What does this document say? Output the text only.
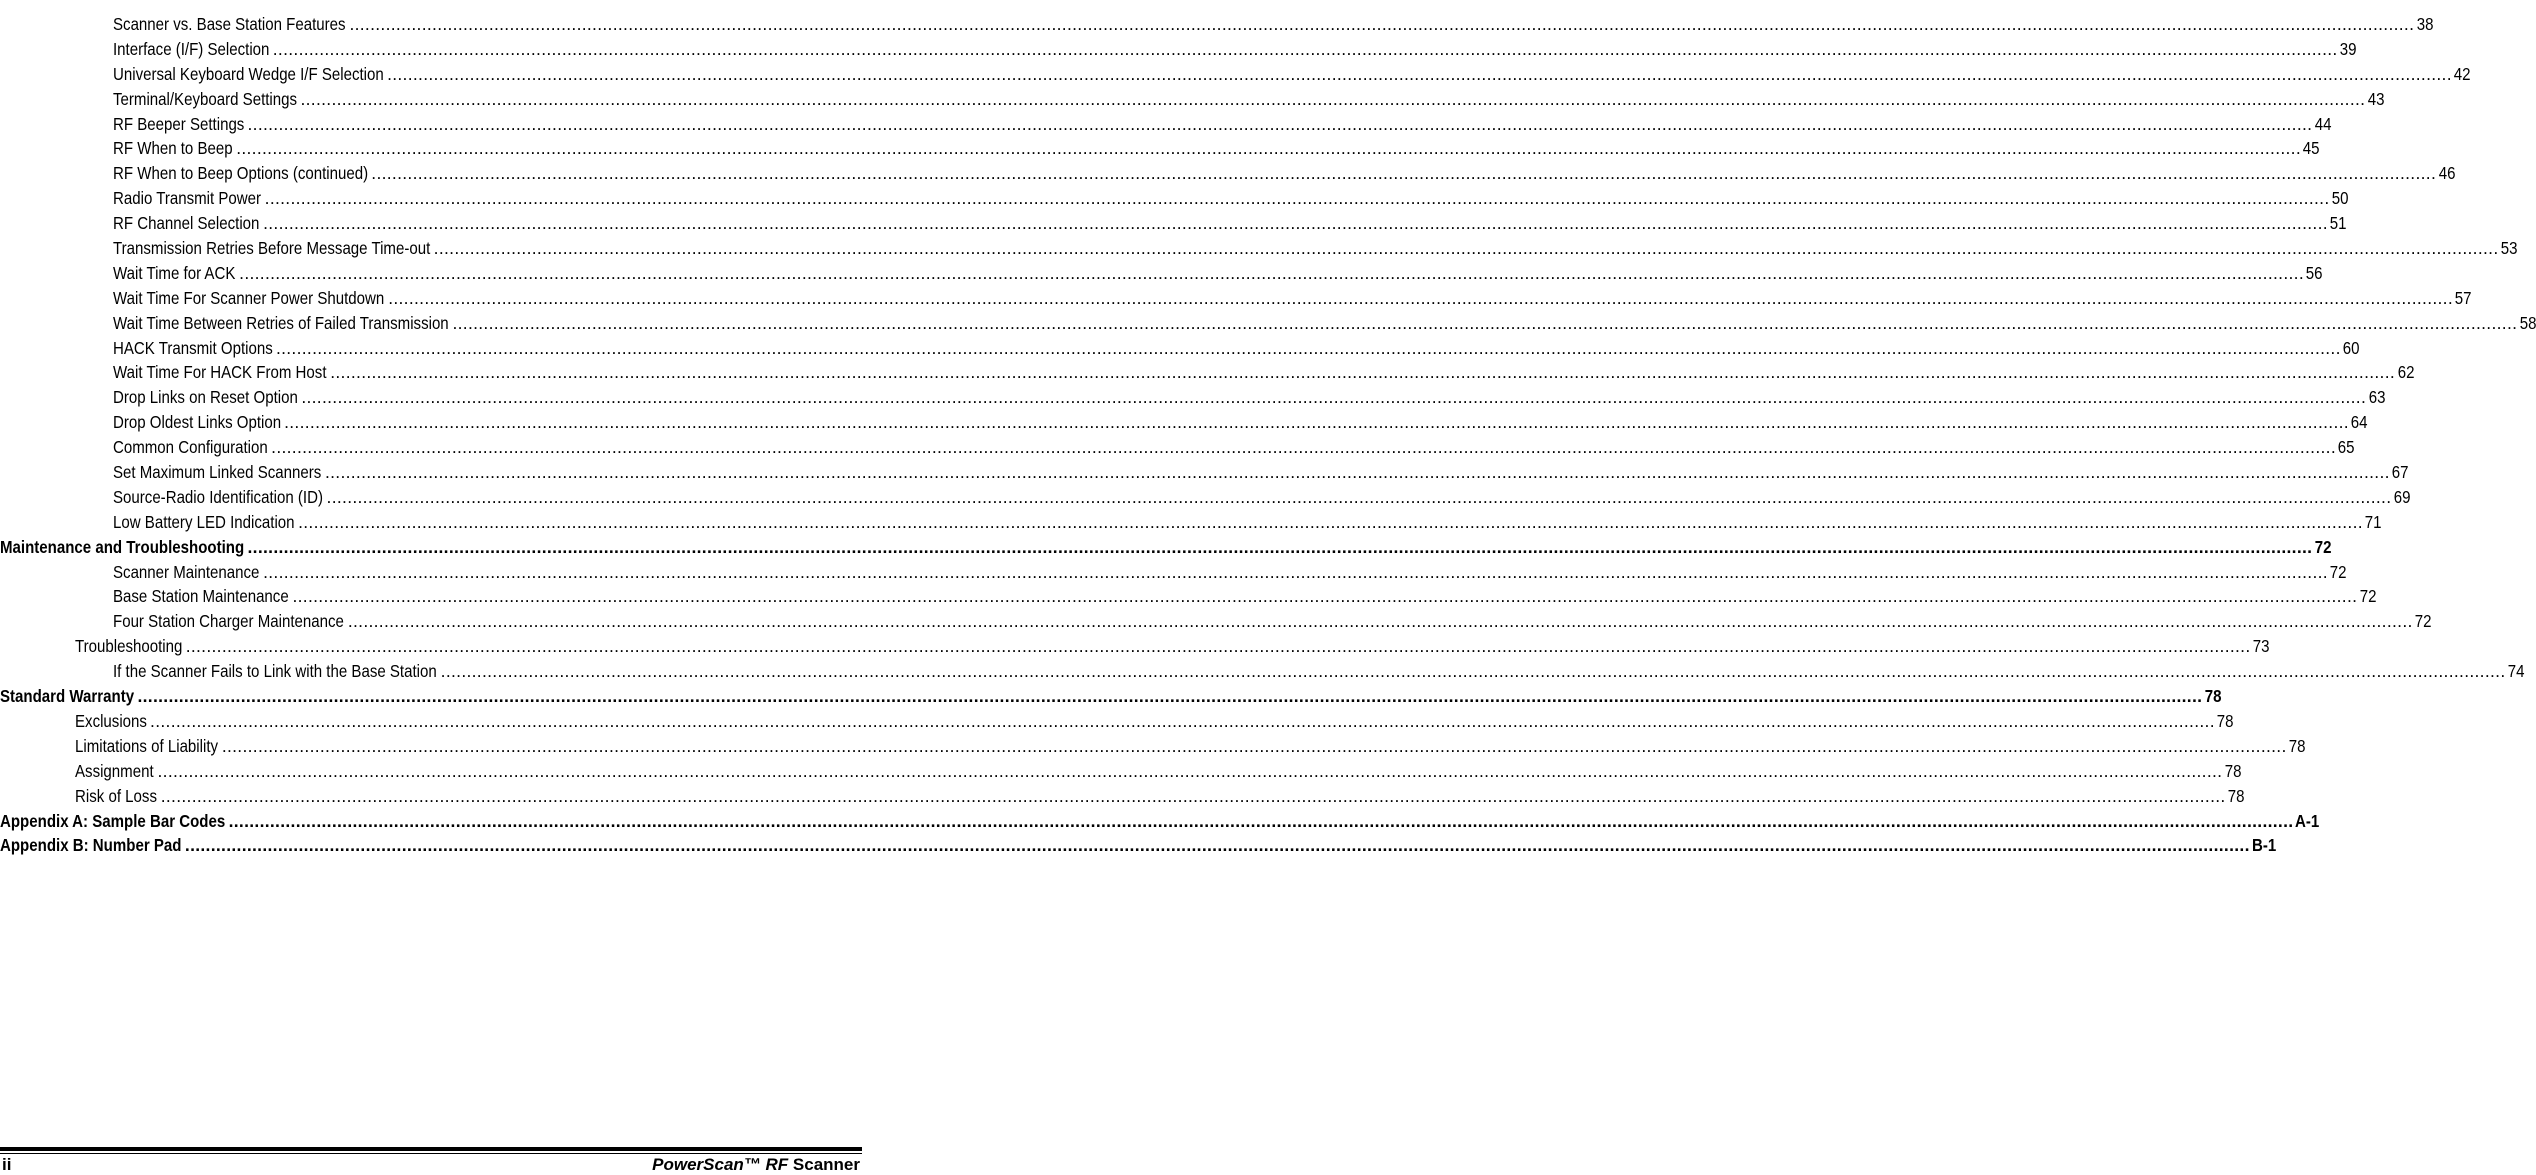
Scanner vs. Base Station Features ................................................................................................................................................................................................................................................................................................................................................................................................................ 38
Interface (I/F) Selection ................................................................................................................................................................................................................................................................................................................................................................................................................ 39
Universal Keyboard Wedge I/F Selection ................................................................................................................................................................................................................................................................................................................................................................................................................ 42
Terminal/Keyboard Settings ................................................................................................................................................................................................................................................................................................................................................................................................................ 43
RF Beeper Settings ................................................................................................................................................................................................................................................................................................................................................................................................................ 44
RF When to Beep ................................................................................................................................................................................................................................................................................................................................................................................................................ 45
RF When to Beep Options (continued) ................................................................................................................................................................................................................................................................................................................................................................................................................ 46
Radio Transmit Power ................................................................................................................................................................................................................................................................................................................................................................................................................ 50
RF Channel Selection ................................................................................................................................................................................................................................................................................................................................................................................................................ 51
Transmission Retries Before Message Time-out ................................................................................................................................................................................................................................................................................................................................................................................................................ 53
Wait Time for ACK ................................................................................................................................................................................................................................................................................................................................................................................................................ 56
Wait Time For Scanner Power Shutdown ................................................................................................................................................................................................................................................................................................................................................................................................................ 57
Wait Time Between Retries of Failed Transmission ................................................................................................................................................................................................................................................................................................................................................................................................................ 58
HACK Transmit Options ................................................................................................................................................................................................................................................................................................................................................................................................................ 60
Wait Time For HACK From Host ................................................................................................................................................................................................................................................................................................................................................................................................................ 62
Drop Links on Reset Option ................................................................................................................................................................................................................................................................................................................................................................................................................ 63
Drop Oldest Links Option ................................................................................................................................................................................................................................................................................................................................................................................................................ 64
Common Configuration ................................................................................................................................................................................................................................................................................................................................................................................................................ 65
Set Maximum Linked Scanners ................................................................................................................................................................................................................................................................................................................................................................................................................ 67
Source-Radio Identification (ID) ................................................................................................................................................................................................................................................................................................................................................................................................................ 69
Low Battery LED Indication ................................................................................................................................................................................................................................................................................................................................................................................................................ 71
Maintenance and Troubleshooting ................................................................................................................................................................................................................................................................................................................................................................................................................ 72
Scanner Maintenance ................................................................................................................................................................................................................................................................................................................................................................................................................ 72
Base Station Maintenance ................................................................................................................................................................................................................................................................................................................................................................................................................ 72
Four Station Charger Maintenance ................................................................................................................................................................................................................................................................................................................................................................................................................ 72
Troubleshooting ................................................................................................................................................................................................................................................................................................................................................................................................................ 73
If the Scanner Fails to Link with the Base Station ................................................................................................................................................................................................................................................................................................................................................................................................................ 74
Standard Warranty ................................................................................................................................................................................................................................................................................................................................................................................................................ 78
Exclusions ................................................................................................................................................................................................................................................................................................................................................................................................................ 78
Limitations of Liability ................................................................................................................................................................................................................................................................................................................................................................................................................ 78
Assignment ................................................................................................................................................................................................................................................................................................................................................................................................................ 78
Risk of Loss ................................................................................................................................................................................................................................................................................................................................................................................................................ 78
Appendix A: Sample Bar Codes ................................................................................................................................................................................................................................................................................................................................................................................................................ A-1
Appendix B: Number Pad ................................................................................................................................................................................................................................................................................................................................................................................................................ B-1
ii	PowerScan™ RF Scanner
